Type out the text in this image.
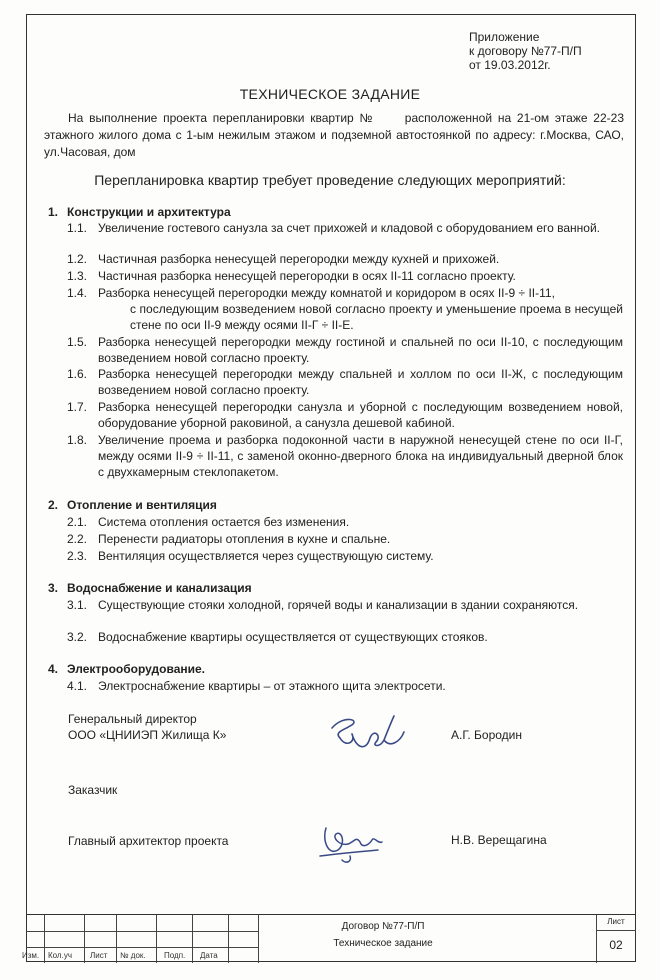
Приложение
к договору №77-П/П
от 19.03.2012г.
ТЕХНИЧЕСКОЕ ЗАДАНИЕ

На выполнение проекта перепланировки квартир №	расположенной на 21-ом этаже 22-23 этажного жилого дома с 1-ым нежилым этажом и подземной автостоянкой по адресу: г.Москва, САО, ул.Часовая, дом

Перепланировка квартир требует проведение следующих мероприятий:
1. Конструкции и архитектура
1.1. Увеличение гостевого санузла за счет прихожей и кладовой с оборудованием его ванной.
1.2. Частичная разборка ненесущей перегородки между кухней и прихожей.
1.3. Частичная разборка ненесущей перегородки в осях II-11 согласно проекту.
1.4. Разборка ненесущей перегородки между комнатой и коридором в осях II-9 ÷ II-11,
с последующим возведением новой согласно проекту и уменьшение проема в несущей стене по оси II-9 между осями II-Г ÷ II-Е.
1.5. Разборка ненесущей перегородки между гостиной и спальней по оси II-10, с последующим возведением новой согласно проекту.
1.6. Разборка ненесущей перегородки между спальней и холлом по оси II-Ж, с последующим возведением новой согласно проекту.
1.7. Разборка ненесущей перегородки санузла и уборной с последующим возведением новой, оборудование уборной раковиной, а санузла дешевой кабиной.
1.8. Увеличение проема и разборка подоконной части в наружной ненесущей стене по оси II-Г, между осями II-9 ÷ II-11, с заменой оконно-дверного блока на индивидуальный дверной блок с двухкамерным стеклопакетом.
2. Отопление и вентиляция
2.1. Система отопления остается без изменения.
2.2. Перенести радиаторы отопления в кухне и спальне.
2.3. Вентиляция осуществляется через существующую систему.
3. Водоснабжение и канализация
3.1. Существующие стояки холодной, горячей воды и канализации в здании сохраняются.
3.2. Водоснабжение квартиры осуществляется от существующих стояков.
4. Электрооборудование.
4.1. Электроснабжение квартиры – от этажного щита электросети.
Генеральный директор
ООО «ЦНИИЭП Жилища К»	А.Г. Бородин
Заказчик
Главный архитектор проекта	Н.В. Верещагина
Изм. Кол.уч Лист № док. Подп. Дата
Договор №77-П/П
Техническое задание
Лист
02
